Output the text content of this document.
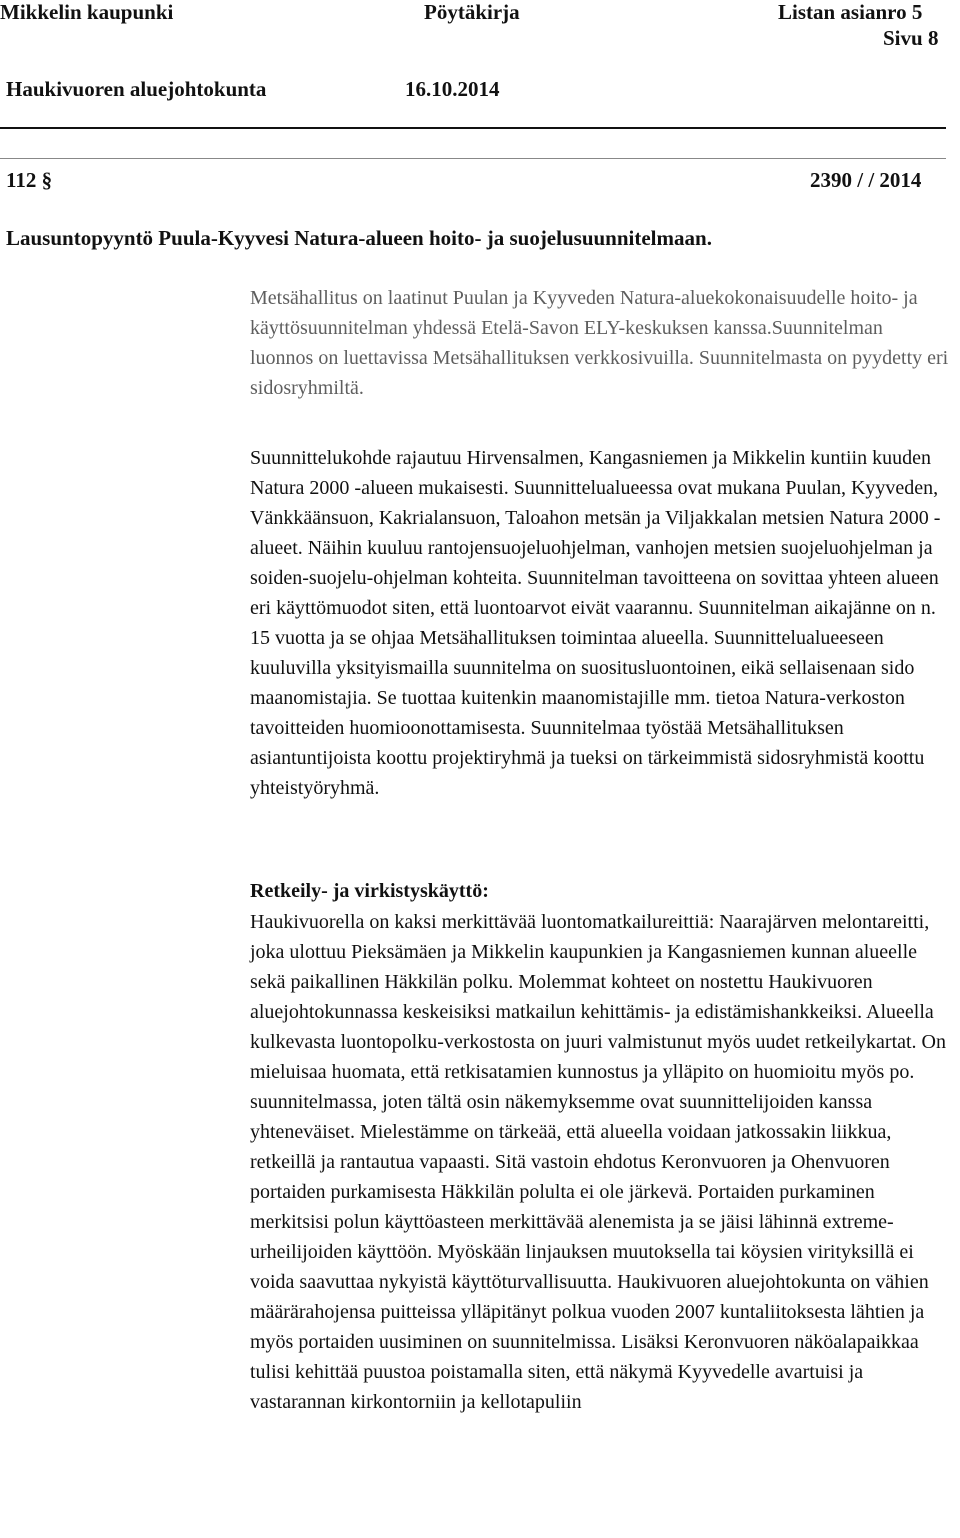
Mikkelin kaupunki	Pöytäkirja	Listan asianro 5
Sivu 8
Haukivuoren aluejohtokunta	16.10.2014
112 §	2390 / / 2014
Lausuntopyyntö Puula-Kyyvesi Natura-alueen hoito- ja suojelusuunnitelmaan.
Metsähallitus on laatinut Puulan ja Kyyveden Natura-aluekokonaisuudelle hoito- ja käyttösuunnitelman yhdessä Etelä-Savon ELY-keskuksen kanssa.Suunnitelman luonnos on luettavissa Metsähallituksen verkkosivuilla. Suunnitelmasta on pyydetty eri sidosryhmiltä.
Suunnittelukohde rajautuu Hirvensalmen, Kangasniemen ja Mikkelin kuntiin kuuden Natura 2000 -alueen mukaisesti. Suunnittelualueessa ovat mukana Puulan, Kyyveden, Vänkkäänsuon, Kakrialansuon, Taloahon metsän ja Viljakkalan metsien Natura 2000 -alueet. Näihin kuuluu rantojensuojeluohjelman, vanhojen metsien suojeluohjelman ja soiden-suojelu-ohjelman kohteita. Suunnitelman tavoitteena on sovittaa yhteen alueen eri käyttömuodot siten, että luontoarvot eivät vaarannu. Suunnitelman aikajänne on n. 15 vuotta ja se ohjaa Metsähallituksen toimintaa alueella. Suunnittelualueeseen kuuluvilla yksityismailla suunnitelma on suositusluontoinen, eikä sellaisenaan sido maanomistajia. Se tuottaa kuitenkin maanomistajille mm. tietoa Natura-verkoston tavoitteiden huomioonottamisesta. Suunnitelmaa työstää Metsähallituksen asiantuntijoista koottu projektiryhmä ja tueksi on tärkeimmistä sidosryhmistä koottu yhteistyöryhmä.
Retkeily- ja virkistyskäyttö:
Haukivuorella on kaksi merkittävää luontomatkailureittiä: Naarajärven melontareitti, joka ulottuu Pieksämäen ja Mikkelin kaupunkien ja Kangasniemen kunnan alueelle sekä paikallinen Häkkilän polku. Molemmat kohteet on nostettu Haukivuoren aluejohtokunnassa keskeisiksi matkailun kehittämis- ja edistämishankkeiksi. Alueella kulkevasta luontopolku-verkostosta on juuri valmistunut myös uudet retkeilykartat. On mieluisaa huomata, että retkisatamien kunnostus ja ylläpito on huomioitu myös po. suunnitelmassa, joten tältä osin näkemyksemme ovat suunnittelijoiden kanssa yhteneväiset. Mielestämme on tärkeää, että alueella voidaan jatkossakin liikkua, retkeillä ja rantautua vapaasti. Sitä vastoin ehdotus Keronvuoren ja Ohenvuoren portaiden purkamisesta Häkkilän polulta ei ole järkevä. Portaiden purkaminen merkitsisi polun käyttöasteen merkittävää alenemista ja se jäisi lähinnä extreme-urheilijoiden käyttöön. Myöskään linjauksen muutoksella tai köysien virityksillä ei voida saavuttaa nykyistä käyttöturvallisuutta. Haukivuoren aluejohtokunta on vähien määrärahojensa puitteissa ylläpitänyt polkua vuoden 2007 kuntaliitoksesta lähtien ja myös portaiden uusiminen on suunnitelmissa. Lisäksi Keronvuoren näköalapaikkaa tulisi kehittää puustoa poistamalla siten, että näkymä Kyyvedelle avartuisi ja vastarannan kirkontorniin ja kellotapuliin
